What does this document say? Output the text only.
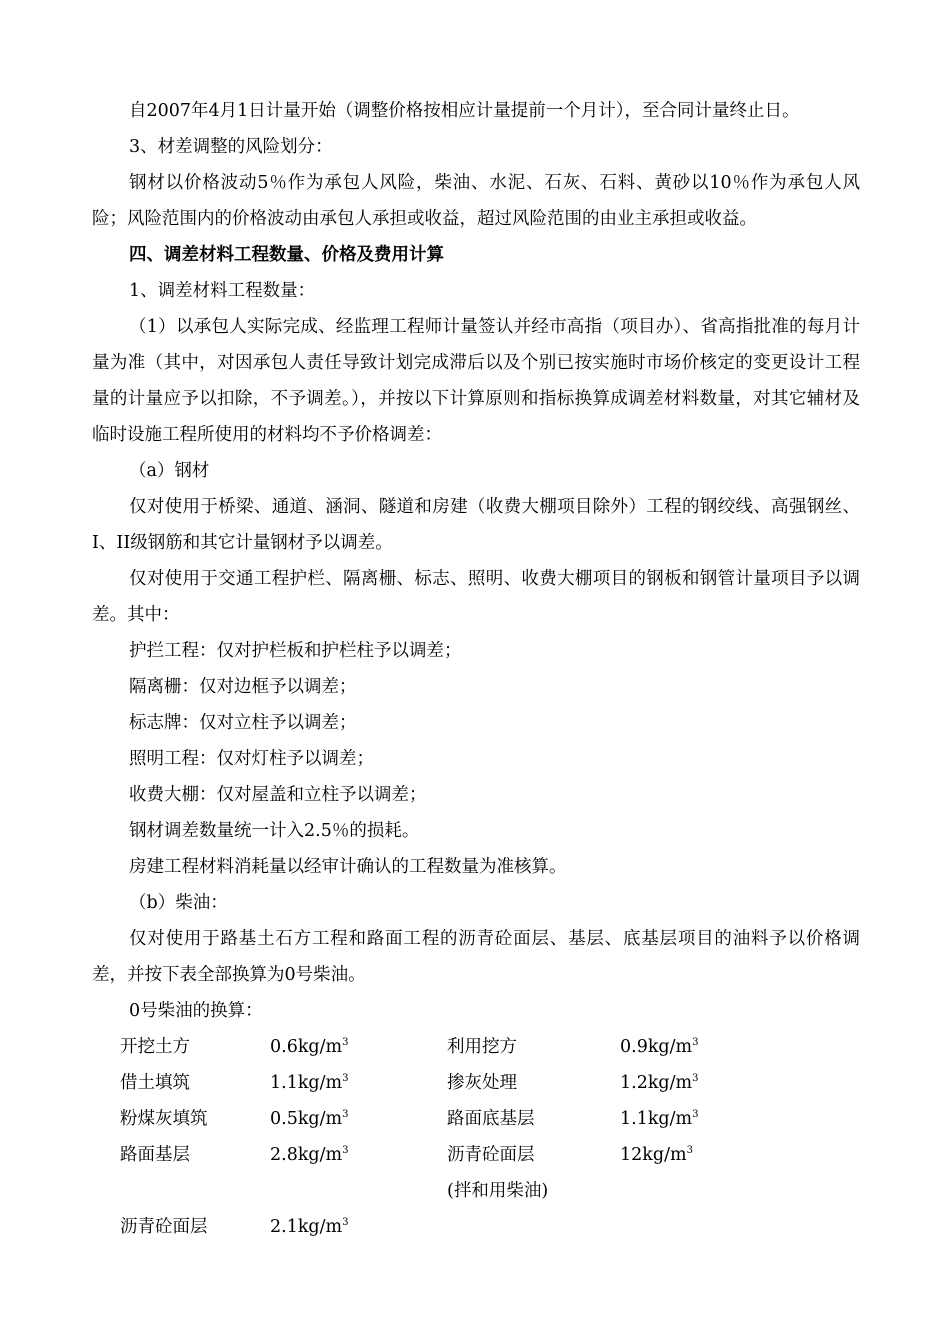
自2007年4月1日计量开始（调整价格按相应计量提前一个月计），至合同计量终止日。

3、材差调整的风险划分：

钢材以价格波动5％作为承包人风险，柴油、水泥、石灰、石料、黄砂以10％作为承包人风险；风险范围内的价格波动由承包人承担或收益，超过风险范围的由业主承担或收益。

四、调差材料工程数量、价格及费用计算

1、调差材料工程数量：

（1）以承包人实际完成、经监理工程师计量签认并经市高指（项目办）、省高指批准的每月计量为准（其中，对因承包人责任导致计划完成滞后以及个别已按实施时市场价核定的变更设计工程量的计量应予以扣除，不予调差。），并按以下计算原则和指标换算成调差材料数量，对其它辅材及临时设施工程所使用的材料均不予价格调差：

（a）钢材

仅对使用于桥梁、通道、涵洞、隧道和房建（收费大棚项目除外）工程的钢绞线、高强钢丝、I、II级钢筋和其它计量钢材予以调差。

仅对使用于交通工程护栏、隔离栅、标志、照明、收费大棚项目的钢板和钢管计量项目予以调差。其中：

护拦工程：仅对护栏板和护栏柱予以调差；

隔离栅：仅对边框予以调差；

标志牌：仅对立柱予以调差；

照明工程：仅对灯柱予以调差；

收费大棚：仅对屋盖和立柱予以调差；

钢材调差数量统一计入2.5％的损耗。

房建工程材料消耗量以经审计确认的工程数量为准核算。

（b）柴油：

仅对使用于路基土石方工程和路面工程的沥青砼面层、基层、底基层项目的油料予以价格调差，并按下表全部换算为0号柴油。

0号柴油的换算：

开挖土方	$0.6kg/m^3$	利用挖方	$0.9kg/m^3$
借土填筑	$1.1kg/m^3$	掺灰处理	$1.2kg/m^3$
粉煤灰填筑	$0.5kg/m^3$	路面底基层	$1.1kg/m^3$
路面基层	$2.8kg/m^3$	沥青砼面层	$12kg/m^3$
(拌和用柴油)
沥青砼面层	$2.1kg/m^3$
